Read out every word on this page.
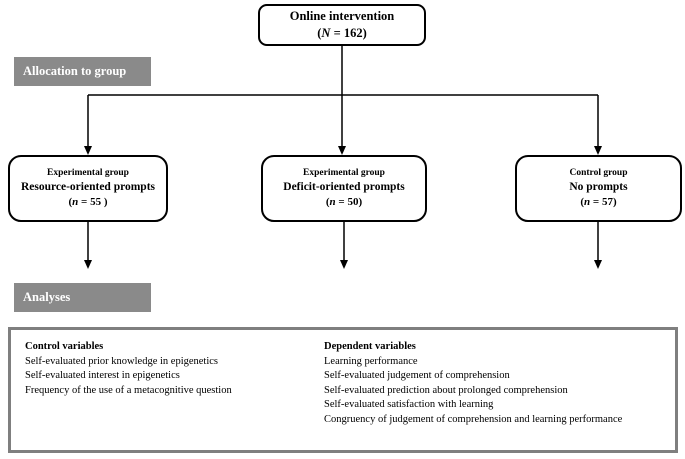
Online intervention
(N = 162)
Allocation to group
Experimental group
Resource-oriented prompts
(n = 55 )
Experimental group
Deficit-oriented prompts
(n = 50)
Control group
No prompts
(n = 57)
Analyses
Control variables
Self-evaluated prior knowledge in epigenetics
Self-evaluated interest in epigenetics
Frequency of the use of a metacognitive question
Dependent variables
Learning performance
Self-evaluated judgement of comprehension
Self-evaluated prediction about prolonged comprehension
Self-evaluated satisfaction with learning
Congruency of judgement of comprehension and learning performance
